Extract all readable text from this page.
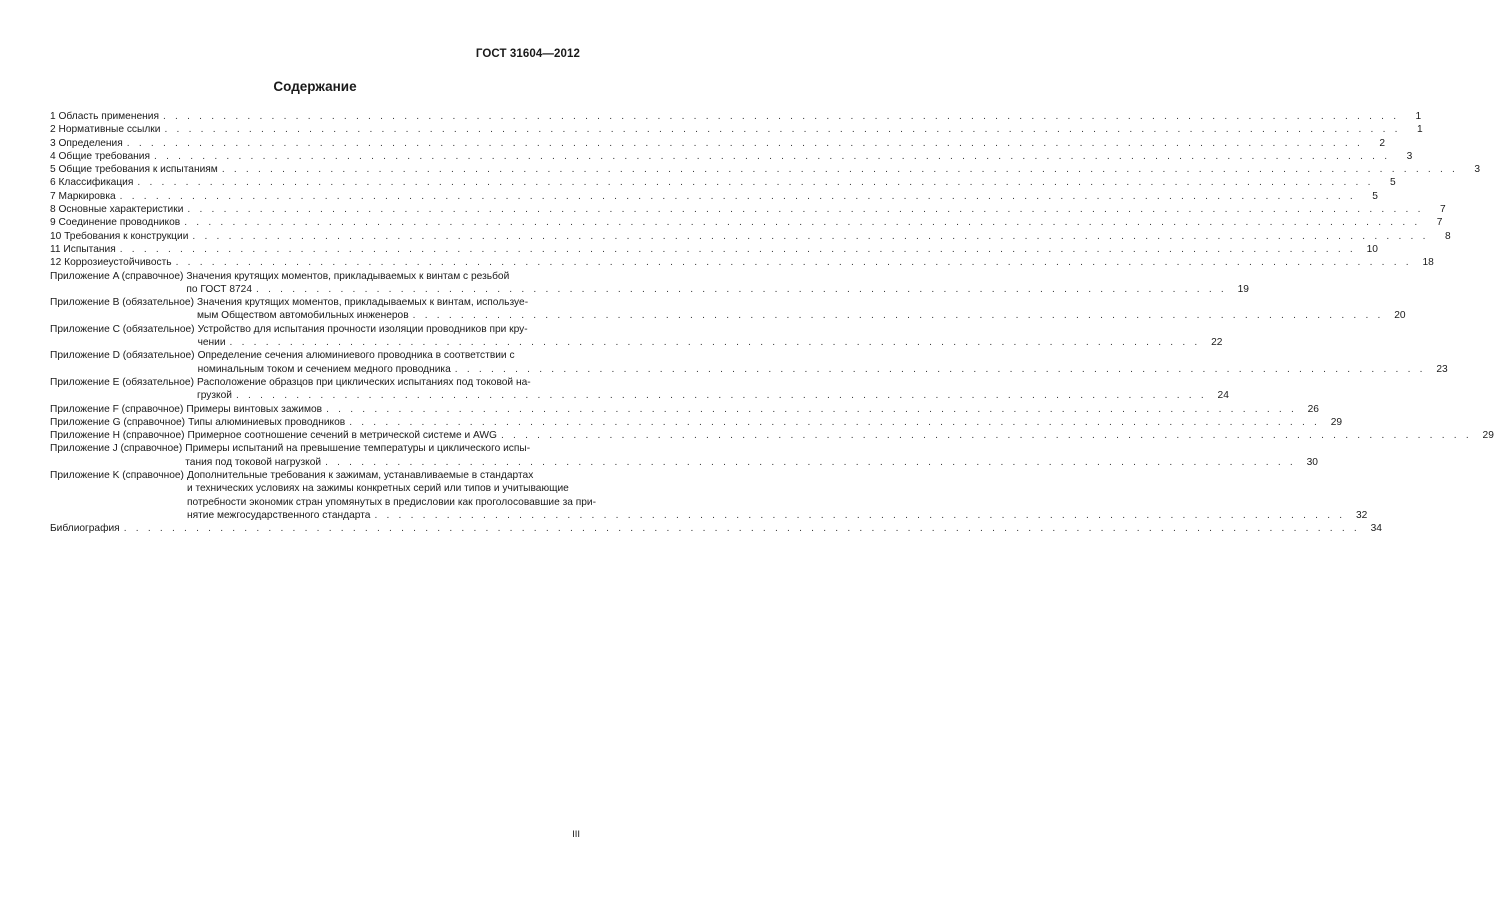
ГОСТ 31604—2012
Содержание
1 Область применения . . .	1
2 Нормативные ссылки . . .	1
3 Определения . . .	2
4 Общие требования . . .	3
5 Общие требования к испытаниям . . .	3
6 Классификация . . .	5
7 Маркировка . . .	5
8 Основные характеристики . . .	7
9 Соединение проводников . . .	7
10 Требования к конструкции . . .	8
11 Испытания . . .	10
12 Коррозиеустойчивость . . .	18
Приложение A (справочное) Значения крутящих моментов, прикладываемых к винтам с резьбой
по ГОСТ 8724 . . .	19
Приложение B (обязательное) Значения крутящих моментов, прикладываемых к винтам, используе-
мым Обществом автомобильных инженеров . . .	20
Приложение C (обязательное) Устройство для испытания прочности изоляции проводников при кру-
чении . . .	22
Приложение D (обязательное) Определение сечения алюминиевого проводника в соответствии с
номинальным током и сечением медного проводника . . .	23
Приложение E (обязательное) Расположение образцов при циклических испытаниях под токовой на-
грузкой . . .	24
Приложение F (справочное) Примеры винтовых зажимов . . .	26
Приложение G (справочное) Типы алюминиевых проводников . . .	29
Приложение H (справочное) Примерное соотношение сечений в метрической системе и AWG . . .	29
Приложение J (справочное) Примеры испытаний на превышение температуры и циклического испы-
тания под токовой нагрузкой . . .	30
Приложение K (справочное) Дополнительные требования к зажимам, устанавливаемые в стандартах
и технических условиях на зажимы конкретных серий или типов и учитывающие
потребности экономик стран упомянутых в предисловии как проголосовавшие за при-
нятие межгосударственного стандарта . . .	32
Библиография . . .	34
III
